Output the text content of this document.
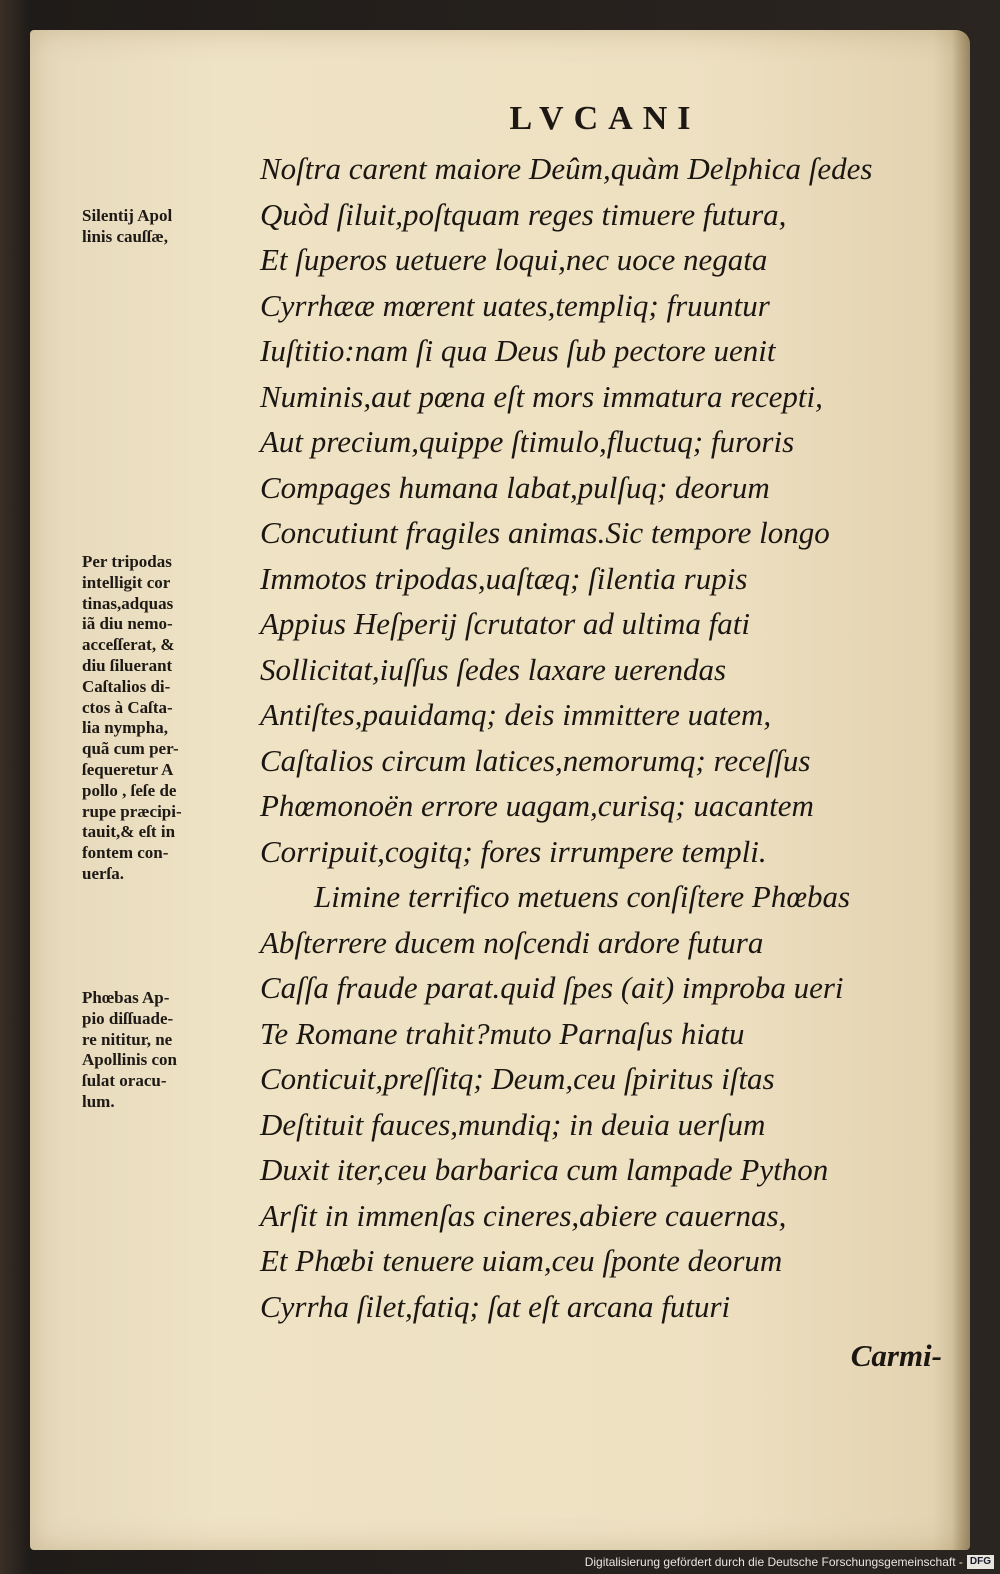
LVCANI
Noſtra carent maiore Deûm,quàm Delphica ſedes
Quòd ſiluit,poſtquam reges timuere futura,
Et ſuperos uetuere loqui,nec uoce negata
Cyrrhææ mœrent uates,templiq; fruuntur
Iuſtitio:nam ſi qua Deus ſub pectore uenit
Numinis,aut pœna eſt mors immatura recepti,
Aut precium,quippe ſtimulo,fluctuq; furoris
Compages humana labat,pulſuq; deorum
Concutiunt fragiles animas.Sic tempore longo
Immotos tripodas,uaſtæq; ſilentia rupis
Appius Heſperij ſcrutator ad ultima fati
Sollicitat,iuſſus ſedes laxare uerendas
Antiſtes,pauidamq; deis immittere uatem,
Caſtalios circum latices,nemorumq; receſſus
Phœmonoën errore uagam,curisq; uacantem
Corripuit,cogitq; fores irrumpere templi.
Limine terrifico metuens conſiſtere Phœbas
Abſterrere ducem noſcendi ardore futura
Caſſa fraude parat.quid ſpes (ait) improba ueri
Te Romane trahit?muto Parnaſus hiatu
Conticuit,preſſitq; Deum,ceu ſpiritus iſtas
Deſtituit fauces,mundiq; in deuia uerſum
Duxit iter,ceu barbarica cum lampade Python
Arſit in immenſas cineres,abiere cauernas,
Et Phœbi tenuere uiam,ceu ſponte deorum
Cyrrha ſilet,fatiq; ſat eſt arcana futuri
Silentij Apol
linis cauſſæ,
Per tripodas
intelligit cor
tinas,adquas
iã diu nemo-
acceſſerat, &
diu ſiluerant
Caſtalios di-
ctos à Caſta-
lia nympha,
quã cum per-
ſequeretur A
pollo , ſeſe de
rupe præcipi-
tauit,& eſt in
fontem con-
uerſa.
Phœbas Ap-
pio diſſuade-
re nititur, ne
Apollinis con
ſulat oracu-
lum.
Carmi-
Digitalisierung gefördert durch die Deutsche Forschungsgemeinschaft - DFG
